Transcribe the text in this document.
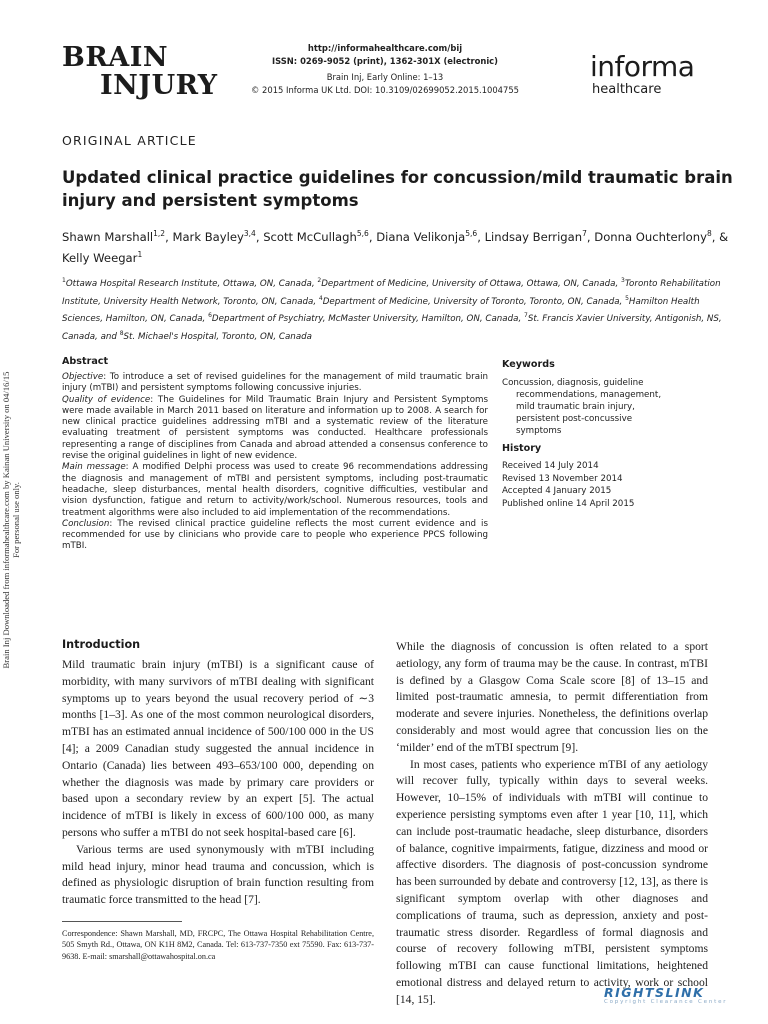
BRAIN

INJURY
http://informahealthcare.com/bij
ISSN: 0269-9052 (print), 1362-301X (electronic)
Brain Inj, Early Online: 1–13
© 2015 Informa UK Ltd. DOI: 10.3109/02699052.2015.1004755
informa
healthcare
Brain Inj Downloaded from informahealthcare.com by Kainan University on 04/16/15
For personal use only.
ORIGINAL ARTICLE
Updated clinical practice guidelines for concussion/mild traumatic brain injury and persistent symptoms
Shawn Marshall$^{1,2}$, Mark Bayley$^{3,4}$, Scott McCullagh$^{5,6}$, Diana Velikonja$^{5,6}$, Lindsay Berrigan$^7$, Donna Ouchterlony$^8$, & Kelly Weegar$^1$
$^1$Ottawa Hospital Research Institute, Ottawa, ON, Canada, $^2$Department of Medicine, University of Ottawa, Ottawa, ON, Canada, $^3$Toronto Rehabilitation Institute, University Health Network, Toronto, ON, Canada, $^4$Department of Medicine, University of Toronto, Toronto, ON, Canada, $^5$Hamilton Health Sciences, Hamilton, ON, Canada, $^6$Department of Psychiatry, McMaster University, Hamilton, ON, Canada, $^7$St. Francis Xavier University, Antigonish, NS, Canada, and $^8$St. Michael's Hospital, Toronto, ON, Canada
Abstract

Objective: To introduce a set of revised guidelines for the management of mild traumatic brain injury (mTBI) and persistent symptoms following concussive injuries.

Quality of evidence: The Guidelines for Mild Traumatic Brain Injury and Persistent Symptoms were made available in March 2011 based on literature and information up to 2008. A search for new clinical practice guidelines addressing mTBI and a systematic review of the literature evaluating treatment of persistent symptoms was conducted. Healthcare professionals representing a range of disciplines from Canada and abroad attended a consensus conference to revise the original guidelines in light of new evidence.

Main message: A modified Delphi process was used to create 96 recommendations addressing the diagnosis and management of mTBI and persistent symptoms, including post-traumatic headache, sleep disturbances, mental health disorders, cognitive difficulties, vestibular and vision dysfunction, fatigue and return to activity/work/school. Numerous resources, tools and treatment algorithms were also included to aid implementation of the recommendations.

Conclusion: The revised clinical practice guideline reflects the most current evidence and is recommended for use by clinicians who provide care to people who experience PPCS following mTBI.

Keywords
Concussion, diagnosis, guideline recommendations, management, mild traumatic brain injury, persistent post-concussive symptoms
History
Received 14 July 2014
Revised 13 November 2014
Accepted 4 January 2015
Published online 14 April 2015
Introduction

Mild traumatic brain injury (mTBI) is a significant cause of morbidity, with many survivors of mTBI dealing with significant symptoms up to years beyond the usual recovery period of ∼3 months [1–3]. As one of the most common neurological disorders, mTBI has an estimated annual incidence of 500/100 000 in the US [4]; a 2009 Canadian study suggested the annual incidence in Ontario (Canada) lies between 493–653/100 000, depending on whether the diagnosis was made by primary care providers or based upon a secondary review by an expert [5]. The actual incidence of mTBI is likely in excess of 600/100 000, as many persons who suffer a mTBI do not seek hospital-based care [6].

Various terms are used synonymously with mTBI including mild head injury, minor head trauma and concussion, which is defined as physiologic disruption of brain function resulting from traumatic force transmitted to the head [7].

While the diagnosis of concussion is often related to a sport aetiology, any form of trauma may be the cause. In contrast, mTBI is defined by a Glasgow Coma Scale score [8] of 13–15 and limited post-traumatic amnesia, to permit differentiation from moderate and severe injuries. Nonetheless, the definitions overlap considerably and most would agree that concussion lies on the ‘milder’ end of the mTBI spectrum [9].

In most cases, patients who experience mTBI of any aetiology will recover fully, typically within days to several weeks. However, 10–15% of individuals with mTBI will continue to experience persisting symptoms even after 1 year [10, 11], which can include post-traumatic headache, sleep disturbance, disorders of balance, cognitive impairments, fatigue, dizziness and mood or affective disorders. The diagnosis of post-concussion syndrome has been surrounded by debate and controversy [12, 13], as there is significant symptom overlap with other diagnoses and complications of trauma, such as depression, anxiety and post-traumatic stress disorder. Regardless of formal diagnosis and course of recovery following mTBI, persistent symptoms following mTBI can cause functional limitations, heightened emotional distress and delayed return to activity, work or school [14, 15].

Correspondence: Shawn Marshall, MD, FRCPC, The Ottawa Hospital Rehabilitation Centre, 505 Smyth Rd., Ottawa, ON K1H 8M2, Canada. Tel: 613-737-7350 ext 75590. Fax: 613-737-9638. E-mail: smarshall@ottawahospital.on.ca
RIGHTSLINK
Copyright Clearance Center
